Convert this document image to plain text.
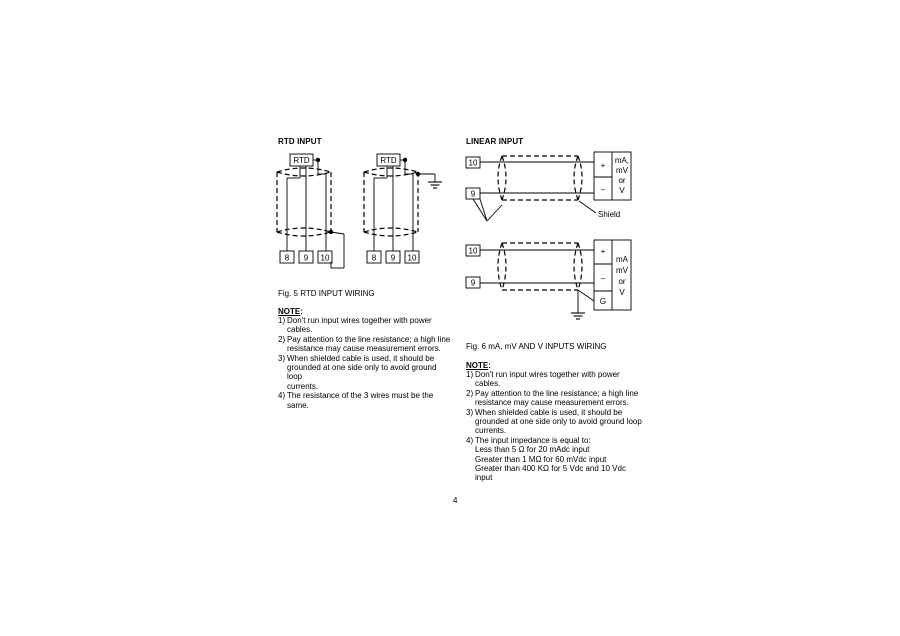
RTD INPUT	LINEAR INPUT
RTD	RTD
8 9 10	8 9 10
10
9
+
–
mA,
mV
or
V
Shield
10
9
+
–
G
mA
mV
or
V
Fig. 5 RTD INPUT WIRING
Fig. 6 mA, mV AND V INPUTS WIRING
NOTE:
1) Don't run input wires together with power
cables.
2) Pay attention to the line resistance; a high line
resistance may cause measurement errors.
3) When shielded cable is used, it should be
grounded at one side only to avoid ground loop
currents.
4) The resistance of the 3 wires must be the
same.
NOTE:
1) Don't run input wires together with power
cables.
2) Pay attention to the line resistance; a high line
resistance may cause measurement errors.
3) When shielded cable is used, it should be
grounded at one side only to avoid ground loop
currents.
4) The input impedance is equal to:
Less than 5 Ω for 20 mAdc input
Greater than 1 MΩ for 60 mVdc input
Greater than 400 KΩ for 5 Vdc and 10 Vdc
input
4
